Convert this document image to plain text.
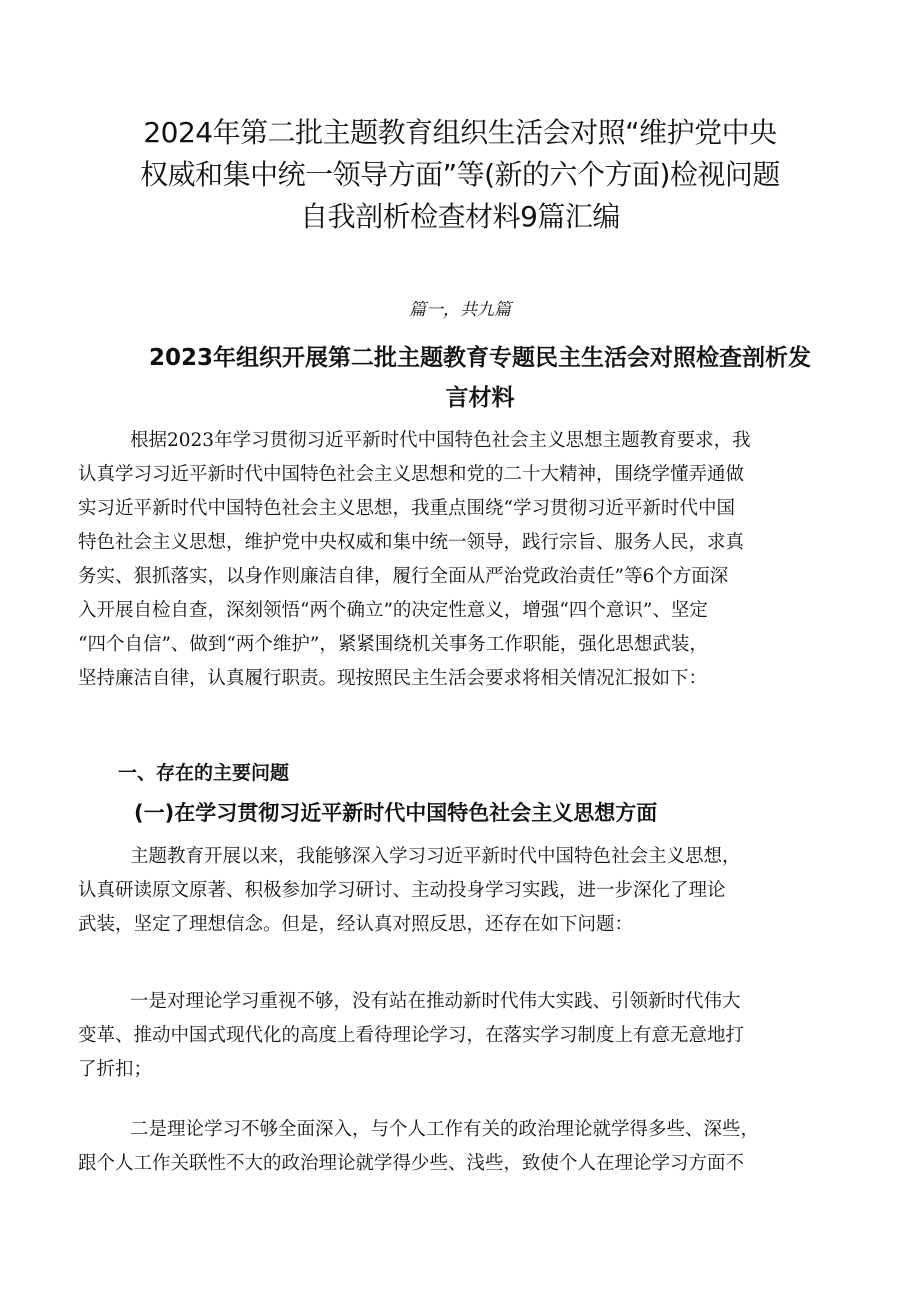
2024年第二批主题教育组织生活会对照“维护党中央
权威和集中统一领导方面”等(新的六个方面)检视问题
自我剖析检查材料9篇汇编

篇一，共九篇

2023年组织开展第二批主题教育专题民主生活会对照检查剖析发
言材料
根据2023年学习贯彻习近平新时代中国特色社会主义思想主题教育要求，我
认真学习习近平新时代中国特色社会主义思想和党的二十大精神，围绕学懂弄通做
实习近平新时代中国特色社会主义思想，我重点围绕“学习贯彻习近平新时代中国
特色社会主义思想，维护党中央权威和集中统一领导，践行宗旨、服务人民，求真
务实、狠抓落实，以身作则廉洁自律，履行全面从严治党政治责任”等6个方面深
入开展自检自查，深刻领悟“两个确立”的决定性意义，增强“四个意识”、坚定
“四个自信”、做到“两个维护”，紧紧围绕机关事务工作职能，强化思想武装，
坚持廉洁自律，认真履行职责。现按照民主生活会要求将相关情况汇报如下：
一、存在的主要问题
(一)在学习贯彻习近平新时代中国特色社会主义思想方面
主题教育开展以来，我能够深入学习习近平新时代中国特色社会主义思想，
认真研读原文原著、积极参加学习研讨、主动投身学习实践，进一步深化了理论
武装，坚定了理想信念。但是，经认真对照反思，还存在如下问题：
一是对理论学习重视不够，没有站在推动新时代伟大实践、引领新时代伟大
变革、推动中国式现代化的高度上看待理论学习，在落实学习制度上有意无意地打
了折扣；
二是理论学习不够全面深入，与个人工作有关的政治理论就学得多些、深些，
跟个人工作关联性不大的政治理论就学得少些、浅些，致使个人在理论学习方面不
